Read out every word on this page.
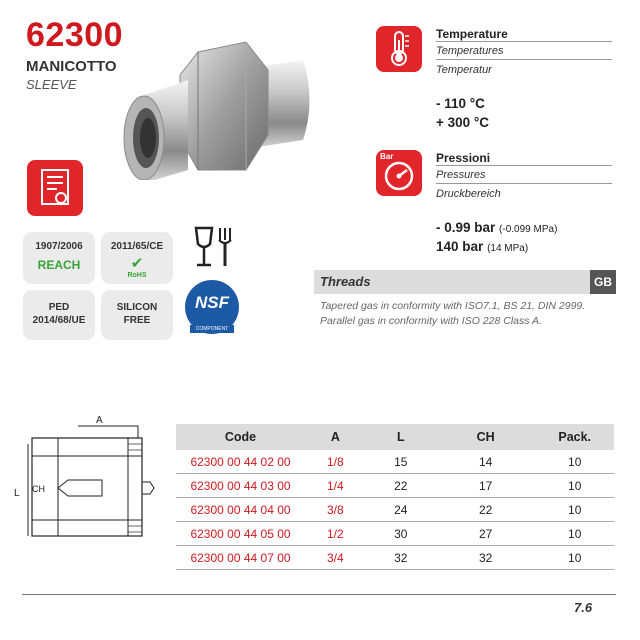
62300
MANICOTTO
SLEEVE
1907/2006
REACH
2011/65/CE
✔
RoHS
PED
2014/68/UE
SILICON
FREE
NSF
COMPONENT
Temperature
Temperatures
Temperatur
- 110 °C
+ 300 °C
Bar	Pressioni
Pressures
Druckbereich
- 0.99 bar (-0.099 MPa)
140 bar (14 MPa)
Threads	GB
Tapered gas in conformity with ISO7.1, BS 21, DIN 2999.
Parallel gas in conformity with ISO 228 Class A.
A
L CH
Code	A	L	CH	Pack.
62300 00 44 02 00	1/8	15	14	10
62300 00 44 03 00	1/4	22	17	10
62300 00 44 04 00	3/8	24	22	10
62300 00 44 05 00	1/2	30	27	10
62300 00 44 07 00	3/4	32	32	10
7.6
